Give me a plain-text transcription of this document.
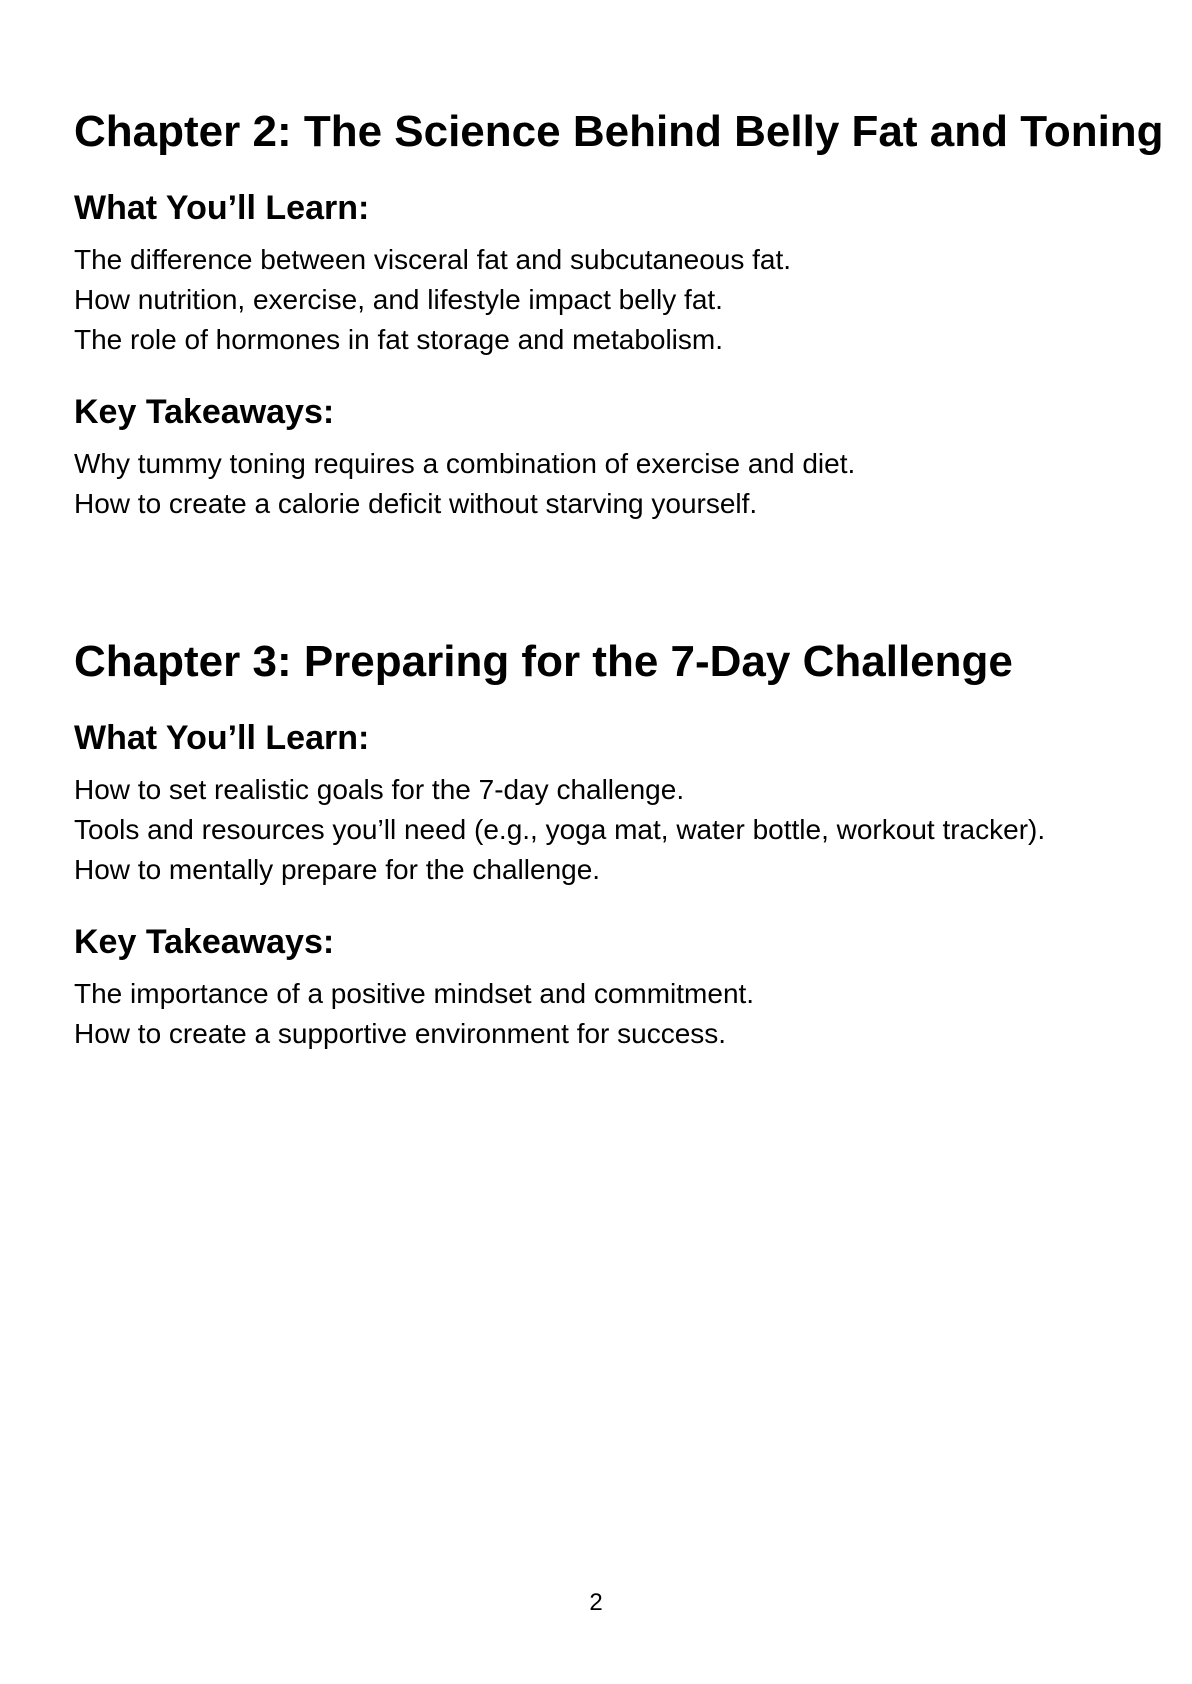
Chapter 2: The Science Behind Belly Fat and Toning
What You’ll Learn:
The difference between visceral fat and subcutaneous fat.
How nutrition, exercise, and lifestyle impact belly fat.
The role of hormones in fat storage and metabolism.
Key Takeaways:
Why tummy toning requires a combination of exercise and diet.
How to create a calorie deficit without starving yourself.
Chapter 3: Preparing for the 7-Day Challenge
What You’ll Learn:
How to set realistic goals for the 7-day challenge.
Tools and resources you’ll need (e.g., yoga mat, water bottle, workout tracker).
How to mentally prepare for the challenge.
Key Takeaways:
The importance of a positive mindset and commitment.
How to create a supportive environment for success.
2
